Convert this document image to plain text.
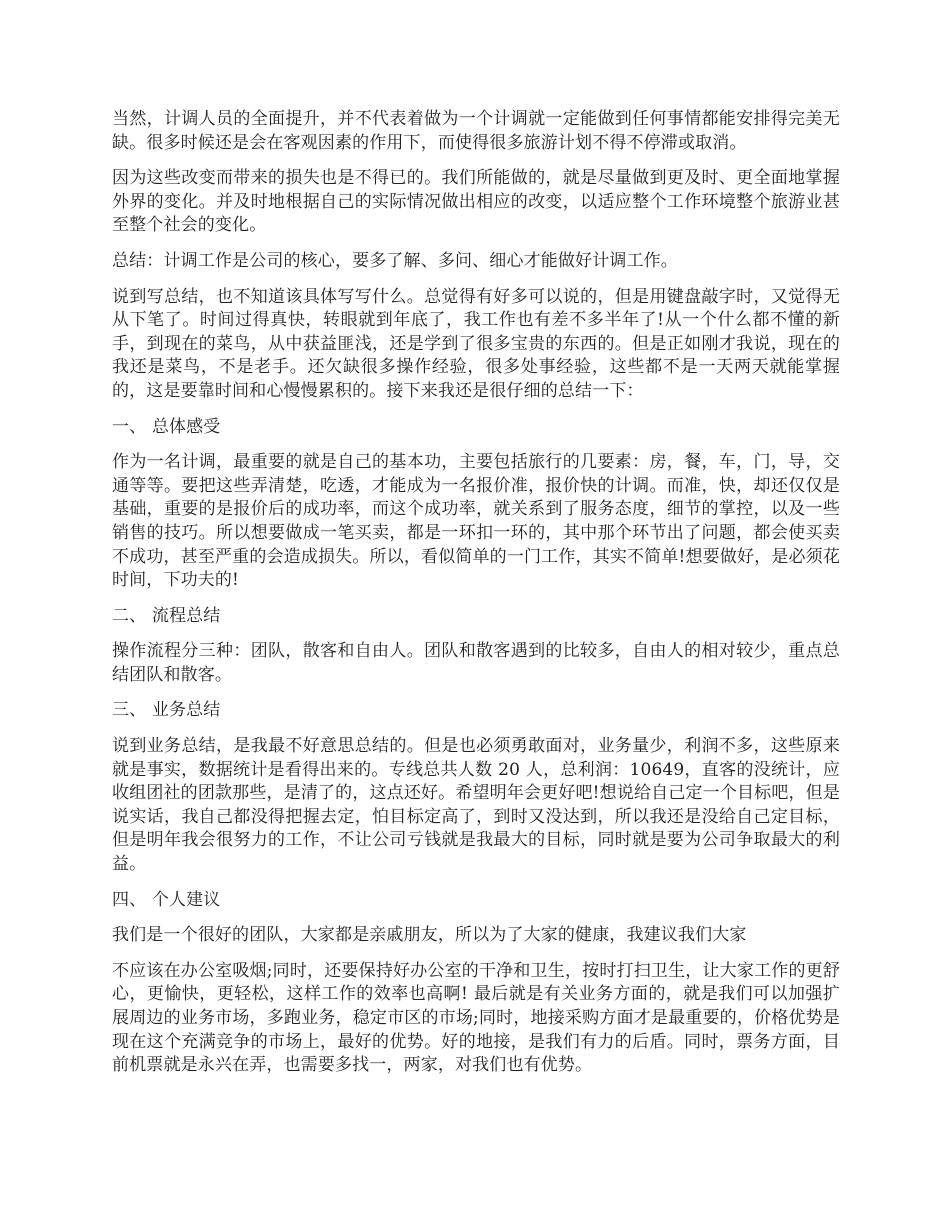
当然，计调人员的全面提升，并不代表着做为一个计调就一定能做到任何事情都能安排得完美无缺。很多时候还是会在客观因素的作用下，而使得很多旅游计划不得不停滞或取消。

因为这些改变而带来的损失也是不得已的。我们所能做的，就是尽量做到更及时、更全面地掌握外界的变化。并及时地根据自己的实际情况做出相应的改变，以适应整个工作环境整个旅游业甚至整个社会的变化。

总结：计调工作是公司的核心，要多了解、多问、细心才能做好计调工作。

说到写总结，也不知道该具体写写什么。总觉得有好多可以说的，但是用键盘敲字时，又觉得无从下笔了。时间过得真快，转眼就到年底了，我工作也有差不多半年了!从一个什么都不懂的新手，到现在的菜鸟，从中获益匪浅，还是学到了很多宝贵的东西的。但是正如刚才我说，现在的我还是菜鸟，不是老手。还欠缺很多操作经验，很多处事经验，这些都不是一天两天就能掌握的，这是要靠时间和心慢慢累积的。接下来我还是很仔细的总结一下：

一、 总体感受

作为一名计调，最重要的就是自己的基本功，主要包括旅行的几要素：房，餐，车，门，导，交通等等。要把这些弄清楚，吃透，才能成为一名报价准，报价快的计调。而准，快，却还仅仅是基础，重要的是报价后的成功率，而这个成功率，就关系到了服务态度，细节的掌控，以及一些销售的技巧。所以想要做成一笔买卖，都是一环扣一环的，其中那个环节出了问题，都会使买卖不成功，甚至严重的会造成损失。所以，看似简单的一门工作，其实不简单!想要做好，是必须花时间，下功夫的!

二、 流程总结

操作流程分三种：团队，散客和自由人。团队和散客遇到的比较多，自由人的相对较少，重点总结团队和散客。

三、 业务总结

说到业务总结，是我最不好意思总结的。但是也必须勇敢面对，业务量少，利润不多，这些原来就是事实，数据统计是看得出来的。专线总共人数 20 人，总利润：10649，直客的没统计，应收组团社的团款那些，是清了的，这点还好。希望明年会更好吧!想说给自己定一个目标吧，但是说实话，我自己都没得把握去定，怕目标定高了，到时又没达到，所以我还是没给自己定目标，但是明年我会很努力的工作，不让公司亏钱就是我最大的目标，同时就是要为公司争取最大的利益。

四、 个人建议

我们是一个很好的团队，大家都是亲戚朋友，所以为了大家的健康，我建议我们大家

不应该在办公室吸烟;同时，还要保持好办公室的干净和卫生，按时打扫卫生，让大家工作的更舒心，更愉快，更轻松，这样工作的效率也高啊! 最后就是有关业务方面的，就是我们可以加强扩展周边的业务市场，多跑业务，稳定市区的市场;同时，地接采购方面才是最重要的，价格优势是现在这个充满竞争的市场上，最好的优势。好的地接，是我们有力的后盾。同时，票务方面，目前机票就是永兴在弄，也需要多找一，两家，对我们也有优势。
